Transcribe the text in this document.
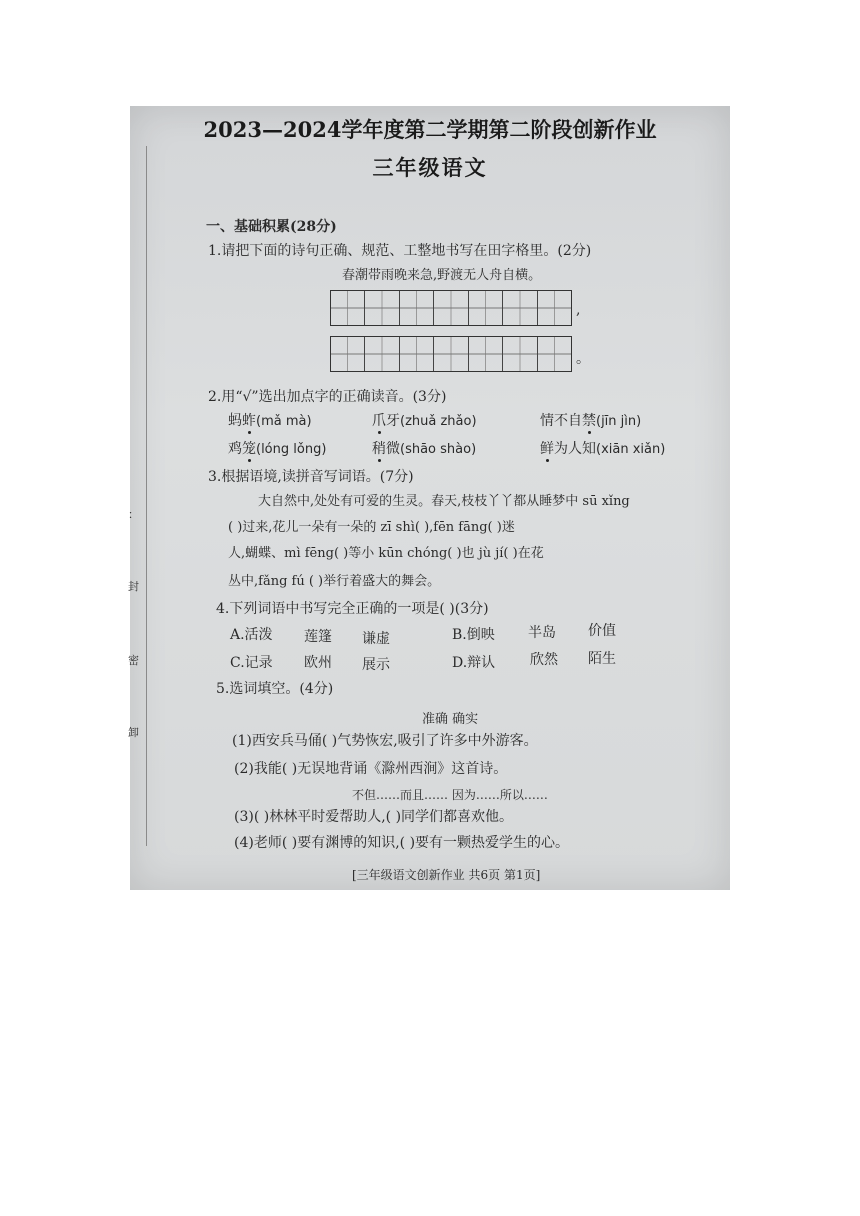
：
封
密
卸
2023—2024学年度第二学期第二阶段创新作业
三年级语文
一、基础积累(28分)
1.请把下面的诗句正确、规范、工整地书写在田字格里。(2分)
春潮带雨晚来急,野渡无人舟自横。
,
。
2.用“√”选出加点字的正确读音。(3分)
蚂蚱(mǎ mà)	爪牙(zhuǎ zhǎo)	情不自禁(jīn jìn)
鸡笼(lóng lǒng)	稍微(shāo shào)	鲜为人知(xiān xiǎn)
3.根据语境,读拼音写词语。(7分)
大自然中,处处有可爱的生灵。春天,枝枝丫丫都从睡梦中 sū xǐng
( )过来,花儿一朵有一朵的 zī shì( ),fēn fāng( )迷
人,蝴蝶、mì fēng( )等小 kūn chóng( )也 jù jí( )在花
丛中,fǎng fú ( )举行着盛大的舞会。
4.下列词语中书写完全正确的一项是( )(3分)
A.活泼 莲篷 谦虚	B.倒映 半岛 价值
C.记录 欧州 展示	D.辩认 欣然 陌生
5.选词填空。(4分)
准确 确实
(1)西安兵马俑( )气势恢宏,吸引了许多中外游客。
(2)我能( )无误地背诵《滁州西涧》这首诗。
不但……而且…… 因为……所以……
(3)( )林林平时爱帮助人,( )同学们都喜欢他。
(4)老师( )要有渊博的知识,( )要有一颗热爱学生的心。
[三年级语文创新作业 共6页 第1页]
